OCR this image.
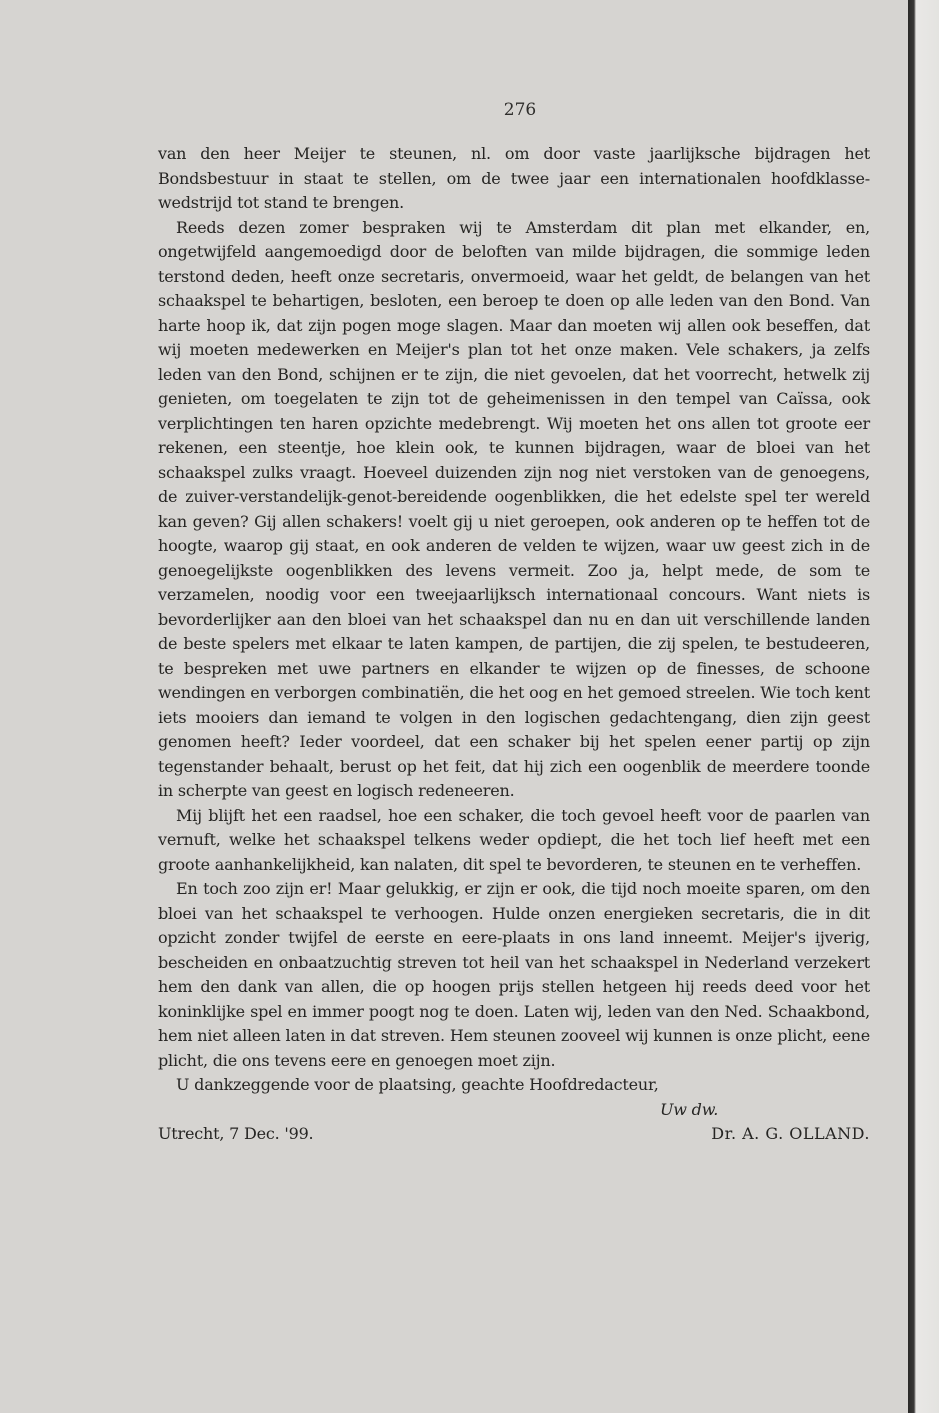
276

van den heer Meijer te steunen, nl. om door vaste jaarlijksche bijdragen het Bondsbestuur in staat te stellen, om de twee jaar een internationalen hoofdklasse-wedstrijd tot stand te brengen.

Reeds dezen zomer bespraken wij te Amsterdam dit plan met elkander, en, ongetwijfeld aangemoedigd door de beloften van milde bijdragen, die sommige leden terstond deden, heeft onze secretaris, onvermoeid, waar het geldt, de belangen van het schaakspel te behartigen, besloten, een beroep te doen op alle leden van den Bond. Van harte hoop ik, dat zijn pogen moge slagen. Maar dan moeten wij allen ook beseffen, dat wij moeten medewerken en Meijer's plan tot het onze maken. Vele schakers, ja zelfs leden van den Bond, schijnen er te zijn, die niet gevoelen, dat het voorrecht, hetwelk zij genieten, om toegelaten te zijn tot de geheimenissen in den tempel van Caïssa, ook verplichtingen ten haren opzichte medebrengt. Wij moeten het ons allen tot groote eer rekenen, een steentje, hoe klein ook, te kunnen bijdragen, waar de bloei van het schaakspel zulks vraagt. Hoeveel duizenden zijn nog niet verstoken van de genoegens, de zuiver-verstandelijk-genot-bereidende oogenblikken, die het edelste spel ter wereld kan geven? Gij allen schakers! voelt gij u niet geroepen, ook anderen op te heffen tot de hoogte, waarop gij staat, en ook anderen de velden te wijzen, waar uw geest zich in de genoegelijkste oogenblikken des levens vermeit. Zoo ja, helpt mede, de som te verzamelen, noodig voor een tweejaarlijksch internationaal concours. Want niets is bevorderlijker aan den bloei van het schaakspel dan nu en dan uit verschillende landen de beste spelers met elkaar te laten kampen, de partijen, die zij spelen, te bestudeeren, te bespreken met uwe partners en elkander te wijzen op de finesses, de schoone wendingen en verborgen combinatiën, die het oog en het gemoed streelen. Wie toch kent iets mooiers dan iemand te volgen in den logischen gedachtengang, dien zijn geest genomen heeft? Ieder voordeel, dat een schaker bij het spelen eener partij op zijn tegenstander behaalt, berust op het feit, dat hij zich een oogenblik de meerdere toonde in scherpte van geest en logisch redeneeren.

Mij blijft het een raadsel, hoe een schaker, die toch gevoel heeft voor de paarlen van vernuft, welke het schaakspel telkens weder opdiept, die het toch lief heeft met een groote aanhankelijkheid, kan nalaten, dit spel te bevorderen, te steunen en te verheffen.

En toch zoo zijn er! Maar gelukkig, er zijn er ook, die tijd noch moeite sparen, om den bloei van het schaakspel te verhoogen. Hulde onzen energieken secretaris, die in dit opzicht zonder twijfel de eerste en eere-plaats in ons land inneemt. Meijer's ijverig, bescheiden en onbaatzuchtig streven tot heil van het schaakspel in Nederland verzekert hem den dank van allen, die op hoogen prijs stellen hetgeen hij reeds deed voor het koninklijke spel en immer poogt nog te doen. Laten wij, leden van den Ned. Schaakbond, hem niet alleen laten in dat streven. Hem steunen zooveel wij kunnen is onze plicht, eene plicht, die ons tevens eere en genoegen moet zijn.

U dankzeggende voor de plaatsing, geachte Hoofdredacteur,

Uw dw.
Utrecht, 7 Dec. '99.	Dr. A. G. OLLAND.
